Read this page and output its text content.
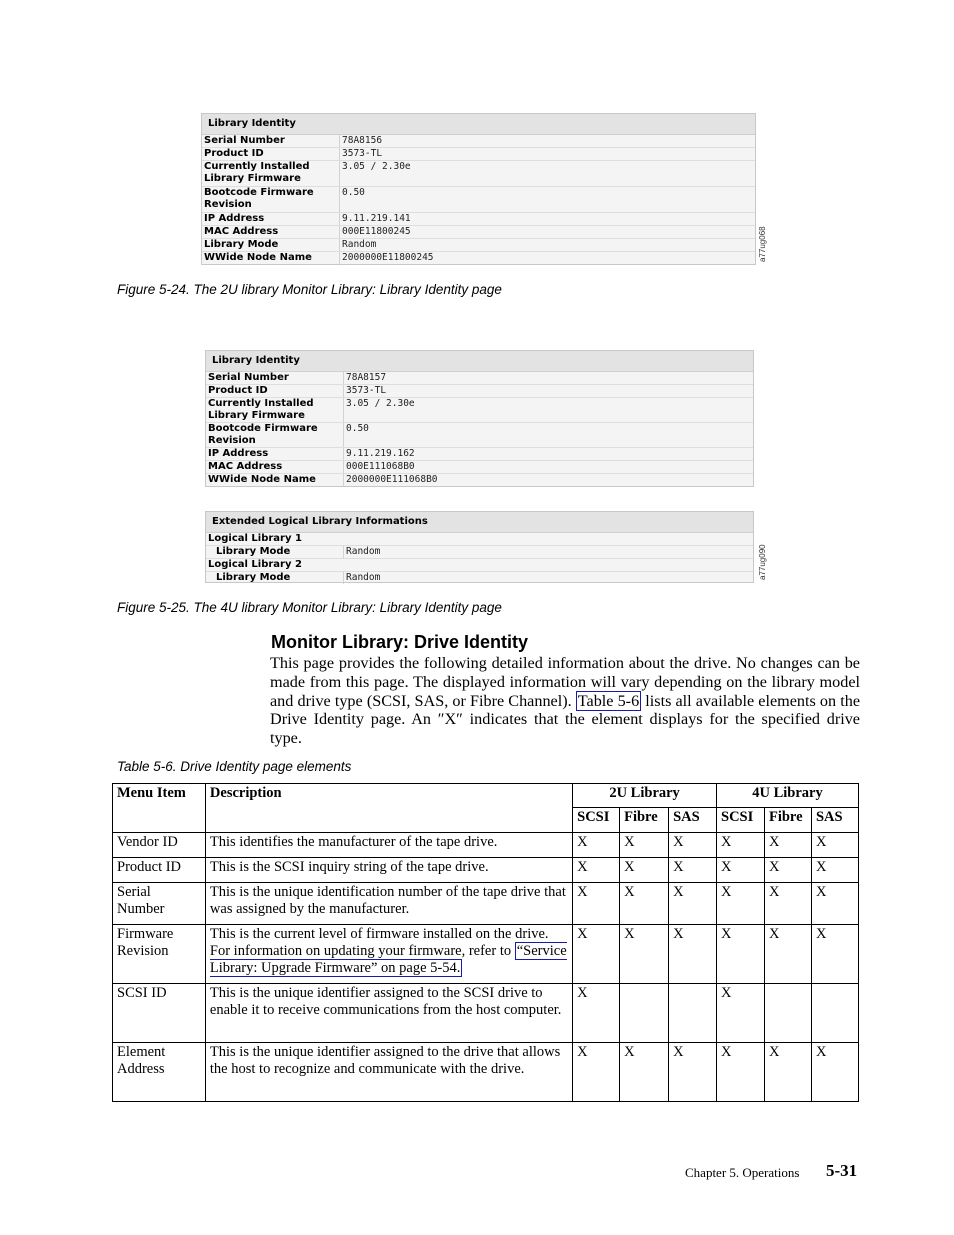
Library Identity
Serial Number	78A8156
Product ID	3573-TL
Currently Installed Library Firmware
3.05 / 2.30e
Bootcode Firmware Revision
0.50
IP Address	9.11.219.141
MAC Address	000E11800245
Library Mode	Random
WWide Node Name	2000000E11800245	a77ug068
Figure 5-24. The 2U library Monitor Library: Library Identity page
Library Identity
Serial Number	78A8157
Product ID	3573-TL
Currently Installed Library Firmware
3.05 / 2.30e
Bootcode Firmware Revision
0.50
IP Address	9.11.219.162
MAC Address	000E111068B0
WWide Node Name	2000000E111068B0
Extended Logical Library Informations
Logical Library 1
Library Mode	Random
Logical Library 2
Library Mode	Random	a77ug090
Figure 5-25. The 4U library Monitor Library: Library Identity page
Monitor Library: Drive Identity
This page provides the following detailed information about the drive. No changes can be made from this page. The displayed information will vary depending on the library model and drive type (SCSI, SAS, or Fibre Channel). Table 5-6 lists all available elements on the Drive Identity page. An ″X″ indicates that the element displays for the specified drive type.
Table 5-6. Drive Identity page elements
Menu Item	Description	2U Library			4U Library		
		SCSI	Fibre	SAS	SCSI	Fibre	SAS
Vendor ID	This identifies the manufacturer of the tape drive.	X	X	X	X	X	X
Product ID	This is the SCSI inquiry string of the tape drive.	X	X	X	X	X	X
Serial Number	This is the unique identification number of the tape drive that was assigned by the manufacturer.	X	X	X	X	X	X
Firmware Revision	This is the current level of firmware installed on the drive. For information on updating your firmware, refer to “Service Library: Upgrade Firmware” on page 5-54.	X	X	X	X	X	X
SCSI ID	This is the unique identifier assigned to the SCSI drive to enable it to receive communications from the host computer.	X			X		
Element Address	This is the unique identifier assigned to the drive that allows the host to recognize and communicate with the drive.	X	X	X	X	X	X
Chapter 5. Operations 5-31
